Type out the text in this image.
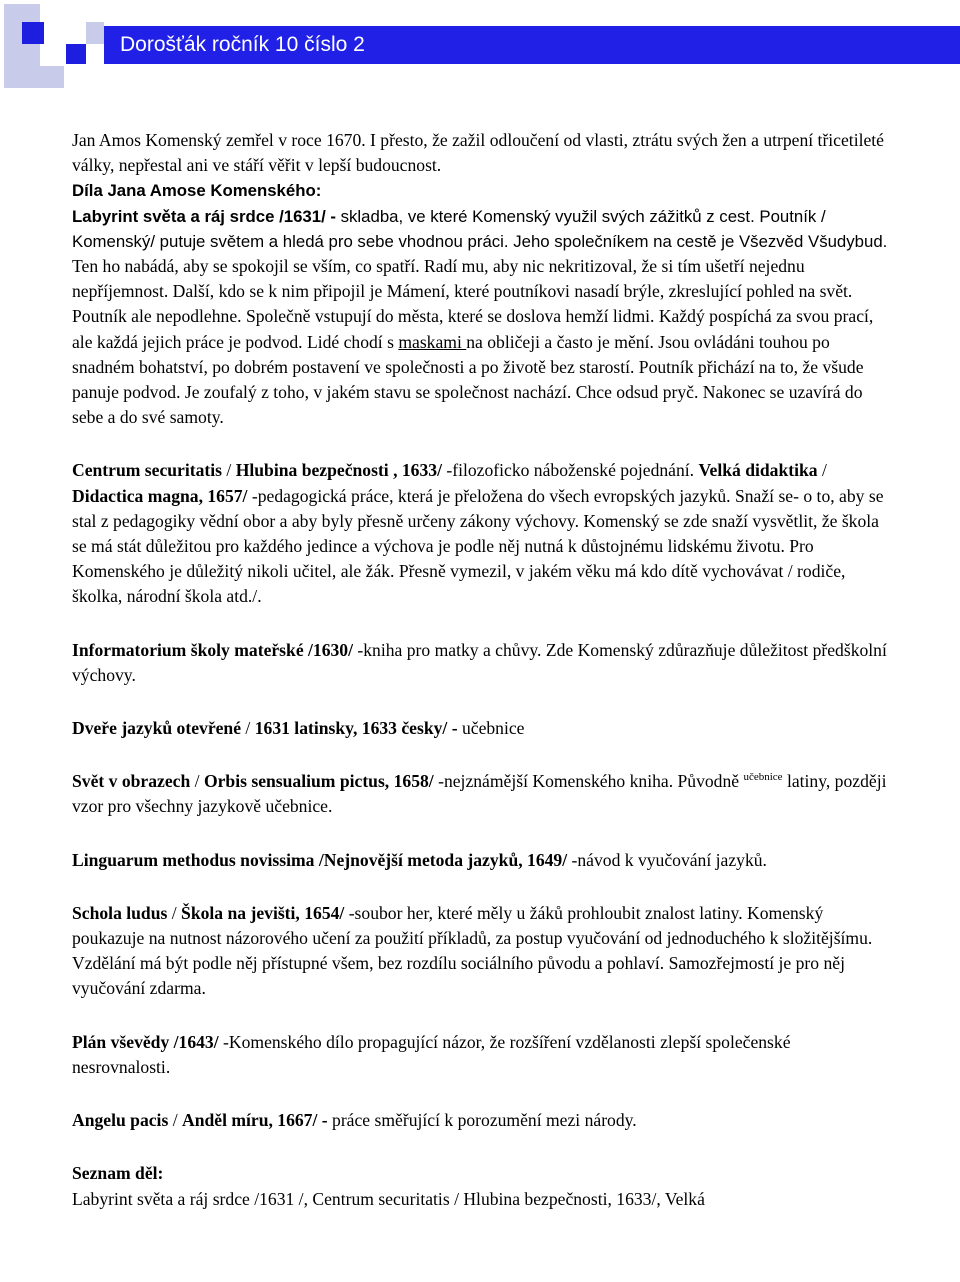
Dorošťák ročník 10 číslo 2

Jan Amos Komenský zemřel v roce 1670. I přesto, že zažil odloučení od vlasti, ztrátu svých žen a utrpení třicetileté války, nepřestal ani ve stáří věřit v lepší budoucnost.
Díla Jana Amose Komenského:
Labyrint světa a ráj srdce /1631/ - skladba, ve které Komenský využil svých zážitků z cest. Poutník / Komenský/ putuje světem a hledá pro sebe vhodnou práci. Jeho společníkem na cestě je Všezvěd Všudybud. Ten ho nabádá, aby se spokojil se vším, co spatří. Radí mu, aby nic nekritizoval, že si tím ušetří nejednu nepříjemnost. Další, kdo se k nim připojil je Mámení, které poutníkovi nasadí brýle, zkreslující pohled na svět. Poutník ale nepodlehne. Společně vstupují do města, které se doslova hemží lidmi. Každý pospíchá za svou prací, ale každá jejich práce je podvod. Lidé chodí s maskami na obličeji a často je mění. Jsou ovládáni touhou po snadném bohatství, po dobrém postavení ve společnosti a po životě bez starostí. Poutník přichází na to, že všude panuje podvod. Je zoufalý z toho, v jakém stavu se společnost nachází. Chce odsud pryč. Nakonec se uzavírá do sebe a do své samoty.

Centrum securitatis / Hlubina bezpečnosti , 1633/ -filozoficko náboženské pojednání. Velká didaktika / Didactica magna, 1657/ -pedagogická práce, která je přeložena do všech evropských jazyků. Snaží se- o to, aby se stal z pedagogiky vědní obor a aby byly přesně určeny zákony výchovy. Komenský se zde snaží vysvětlit, že škola se má stát důležitou pro každého jedince a výchova je podle něj nutná k důstojnému lidskému životu. Pro Komenského je důležitý nikoli učitel, ale žák. Přesně vymezil, v jakém věku má kdo dítě vychovávat / rodiče, školka, národní škola atd./.

Informatorium školy mateřské /1630/ -kniha pro matky a chůvy. Zde Komenský zdůrazňuje důležitost předškolní výchovy.

Dveře jazyků otevřené / 1631 latinsky, 1633 česky/ - učebnice

Svět v obrazech / Orbis sensualium pictus, 1658/ -nejznámější Komenského kniha. Původně $^{učebnice}$ latiny, později vzor pro všechny jazykově učebnice.

Linguarum methodus novissima /Nejnovější metoda jazyků, 1649/ -návod k vyučování jazyků.

Schola ludus / Škola na jevišti, 1654/ -soubor her, které měly u žáků prohloubit znalost latiny. Komenský poukazuje na nutnost názorového učení za použití příkladů, za postup vyučování od jednoduchého k složitějšímu. Vzdělání má být podle něj přístupné všem, bez rozdílu sociálního původu a pohlaví. Samozřejmostí je pro něj vyučování zdarma.

Plán vševědy /1643/ -Komenského dílo propagující názor, že rozšíření vzdělanosti zlepší společenské nesrovnalosti.

Angelu pacis / Anděl míru, 1667/ - práce směřující k porozumění mezi národy.

Seznam děl:
Labyrint světa a ráj srdce /1631 /, Centrum securitatis / Hlubina bezpečnosti, 1633/, Velká
